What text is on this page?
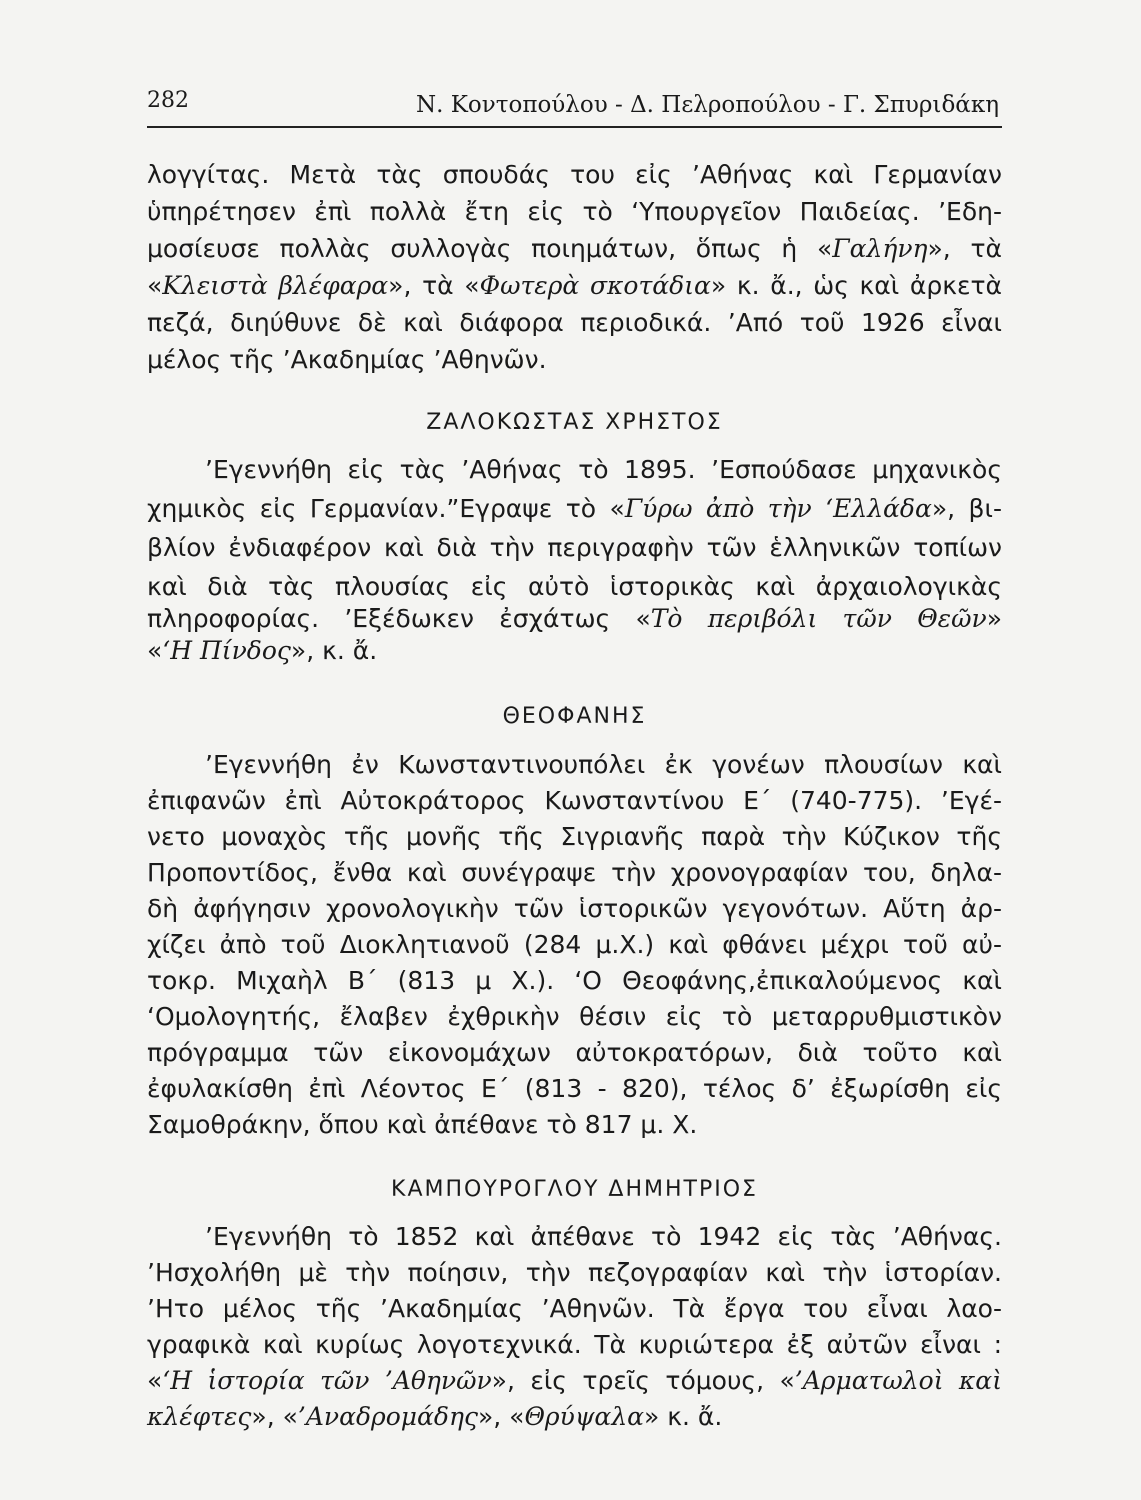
282	Ν. Κοντοπούλου - Δ. Πελροπούλου - Γ. Σπυριδάκη
λογγίτας. Μετὰ τὰς σπουδάς του εἰς ’Αθήνας καὶ Γερμανίαν
ὑπηρέτησεν ἐπὶ πολλὰ ἔτη εἰς τὸ ‘Υπουργεῖον Παιδείας. ’Εδη-
μοσίευσε πολλὰς συλλογὰς ποιημάτων, ὅπως ἡ «Γαλήνη», τὰ
«Κλειστὰ βλέφαρα», τὰ «Φωτερὰ σκοτάδια» κ. ἄ., ὡς καὶ ἀρκετὰ
πεζά, διηύθυνε δὲ καὶ διάφορα περιοδικά. ’Από τοῦ 1926 εἶναι
μέλος τῆς ’Ακαδημίας ’Αθηνῶν.
ΖΑΛΟΚΩΣΤΑΣ ΧΡΗΣΤΟΣ
’Εγεννήθη εἰς τὰς ’Αθήνας τὸ 1895. ’Εσπούδασε μηχανικὸς
χημικὸς εἰς Γερμανίαν.”Εγραψε τὸ «Γύρω ἀπὸ τὴν ‘Ελλάδα», βι-
βλίον ἐνδιαφέρον καὶ διὰ τὴν περιγραφὴν τῶν ἑλληνικῶν τοπίων
καὶ διὰ τὰς πλουσίας εἰς αὐτὸ ἱστορικὰς καὶ ἀρχαιολογικὰς
πληροφορίας. ’Εξέδωκεν ἐσχάτως «Τὸ περιβόλι τῶν Θεῶν»
«‘Η Πίνδος», κ. ἄ.
ΘΕΟΦΑΝΗΣ
’Εγεννήθη ἐν Κωνσταντινουπόλει ἐκ γονέων πλουσίων καὶ
ἐπιφανῶν ἐπὶ Αὐτοκράτορος Κωνσταντίνου Ε΄ (740-775). ’Εγέ-
νετο μοναχὸς τῆς μονῆς τῆς Σιγριανῆς παρὰ τὴν Κύζικον τῆς
Προποντίδος, ἔνθα καὶ συνέγραψε τὴν χρονογραφίαν του, δηλα-
δὴ ἀφήγησιν χρονολογικὴν τῶν ἱστορικῶν γεγονότων. Αὕτη ἀρ-
χίζει ἀπὸ τοῦ Διοκλητιανοῦ (284 μ.Χ.) καὶ φθάνει μέχρι τοῦ αὐ-
τοκρ. Μιχαὴλ Β΄ (813 μ Χ.). ‘Ο Θεοφάνης,ἐπικαλούμενος καὶ
‘Ομολογητής, ἔλαβεν ἐχθρικὴν θέσιν εἰς τὸ μεταρρυθμιστικὸν
πρόγραμμα τῶν εἰκονομάχων αὐτοκρατόρων, διὰ τοῦτο καὶ
ἐφυλακίσθη ἐπὶ Λέοντος Ε΄ (813 - 820), τέλος δ’ ἐξωρίσθη εἰς
Σαμοθράκην, ὅπου καὶ ἀπέθανε τὸ 817 μ. Χ.
ΚΑΜΠΟΥΡΟΓΛΟΥ ΔΗΜΗΤΡΙΟΣ
’Εγεννήθη τὸ 1852 καὶ ἀπέθανε τὸ 1942 εἰς τὰς ’Αθήνας.
’Ησχολήθη μὲ τὴν ποίησιν, τὴν πεζογραφίαν καὶ τὴν ἱστορίαν.
’Ητο μέλος τῆς ’Ακαδημίας ’Αθηνῶν. Τὰ ἔργα του εἶναι λαο-
γραφικὰ καὶ κυρίως λογοτεχνικά. Τὰ κυριώτερα ἐξ αὐτῶν εἶναι :
«‘Η ἱστορία τῶν ’Αθηνῶν», εἰς τρεῖς τόμους, «’Αρματωλοὶ καὶ
κλέφτες», «’Αναδρομάδης», «Θρύψαλα» κ. ἄ.
